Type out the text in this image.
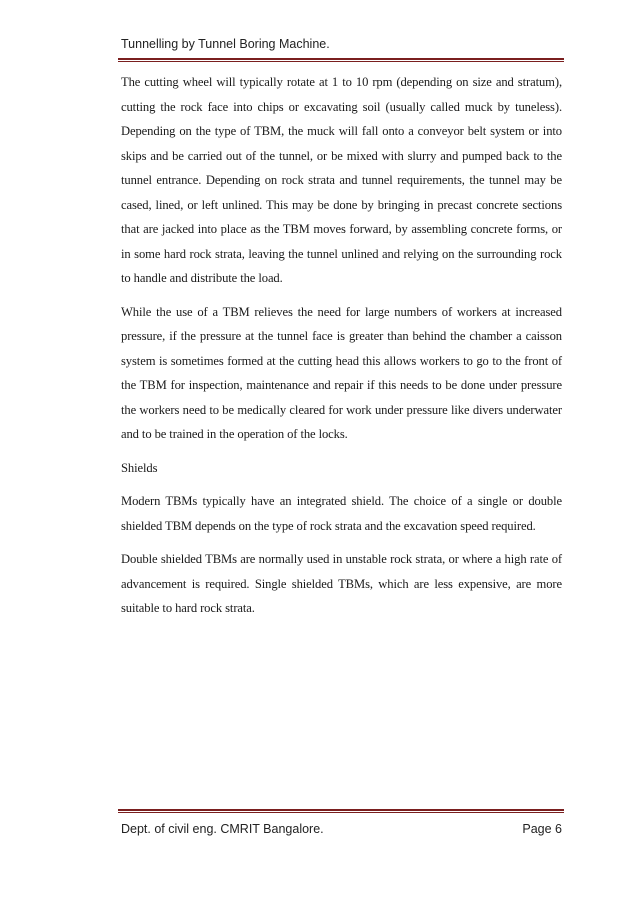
Tunnelling by Tunnel Boring Machine.

The cutting wheel will typically rotate at 1 to 10 rpm (depending on size and stratum), cutting the rock face into chips or excavating soil (usually called muck by tuneless). Depending on the type of TBM, the muck will fall onto a conveyor belt system or into skips and be carried out of the tunnel, or be mixed with slurry and pumped back to the tunnel entrance. Depending on rock strata and tunnel requirements, the tunnel may be cased, lined, or left unlined. This may be done by bringing in precast concrete sections that are jacked into place as the TBM moves forward, by assembling concrete forms, or in some hard rock strata, leaving the tunnel unlined and relying on the surrounding rock to handle and distribute the load.

While the use of a TBM relieves the need for large numbers of workers at increased pressure, if the pressure at the tunnel face is greater than behind the chamber a caisson system is sometimes formed at the cutting head this allows workers to go to the front of the TBM for inspection, maintenance and repair if this needs to be done under pressure the workers need to be medically cleared for work under pressure like divers underwater and to be trained in the operation of the locks.

Shields

Modern TBMs typically have an integrated shield. The choice of a single or double shielded TBM depends on the type of rock strata and the excavation speed required.

Double shielded TBMs are normally used in unstable rock strata, or where a high rate of advancement is required. Single shielded TBMs, which are less expensive, are more suitable to hard rock strata.

Dept. of civil eng. CMRIT Bangalore.	Page 6
